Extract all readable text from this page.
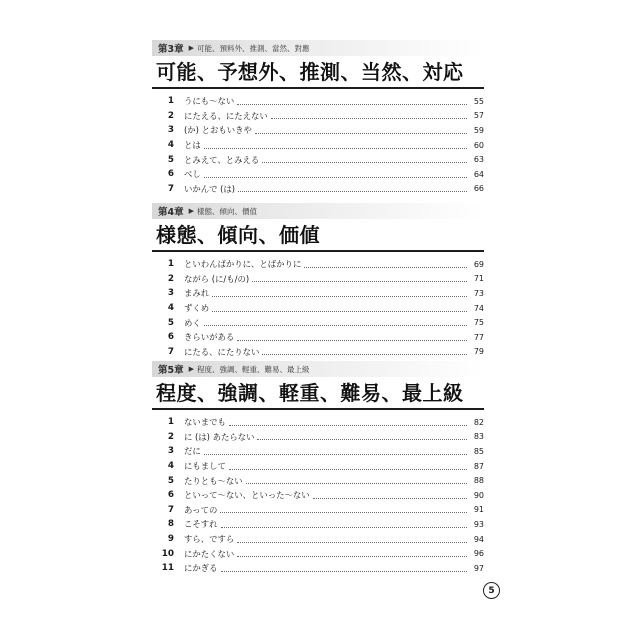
第3章 ▶ 可能、預料外、推測、當然、對應
可能、予想外、推測、当然、対応
1 うにも〜ない	55
2 にたえる、にたえない	57
3 (か) とおもいきや	59
4 とは	60
5 とみえて、とみえる	63
6 べし	64
7 いかんで (は)	66
第4章 ▶ 樣態、傾向、價值
様態、傾向、価値
1 といわんばかりに、とばかりに	69
2 ながら (に/も/の)	71
3 まみれ	73
4 ずくめ	74
5 めく	75
6 きらいがある	77
7 にたる、にたりない	79
第5章 ▶ 程度、強調、輕重、難易、最上級
程度、強調、軽重、難易、最上級
1 ないまでも	82
2 に (は) あたらない	83
3 だに	85
4 にもまして	87
5 たりとも〜ない	88
6 といって〜ない、といった〜ない	90
7 あっての	91
8 こそすれ	93
9 すら、ですら	94
10 にかたくない	96
11 にかぎる	97
5
